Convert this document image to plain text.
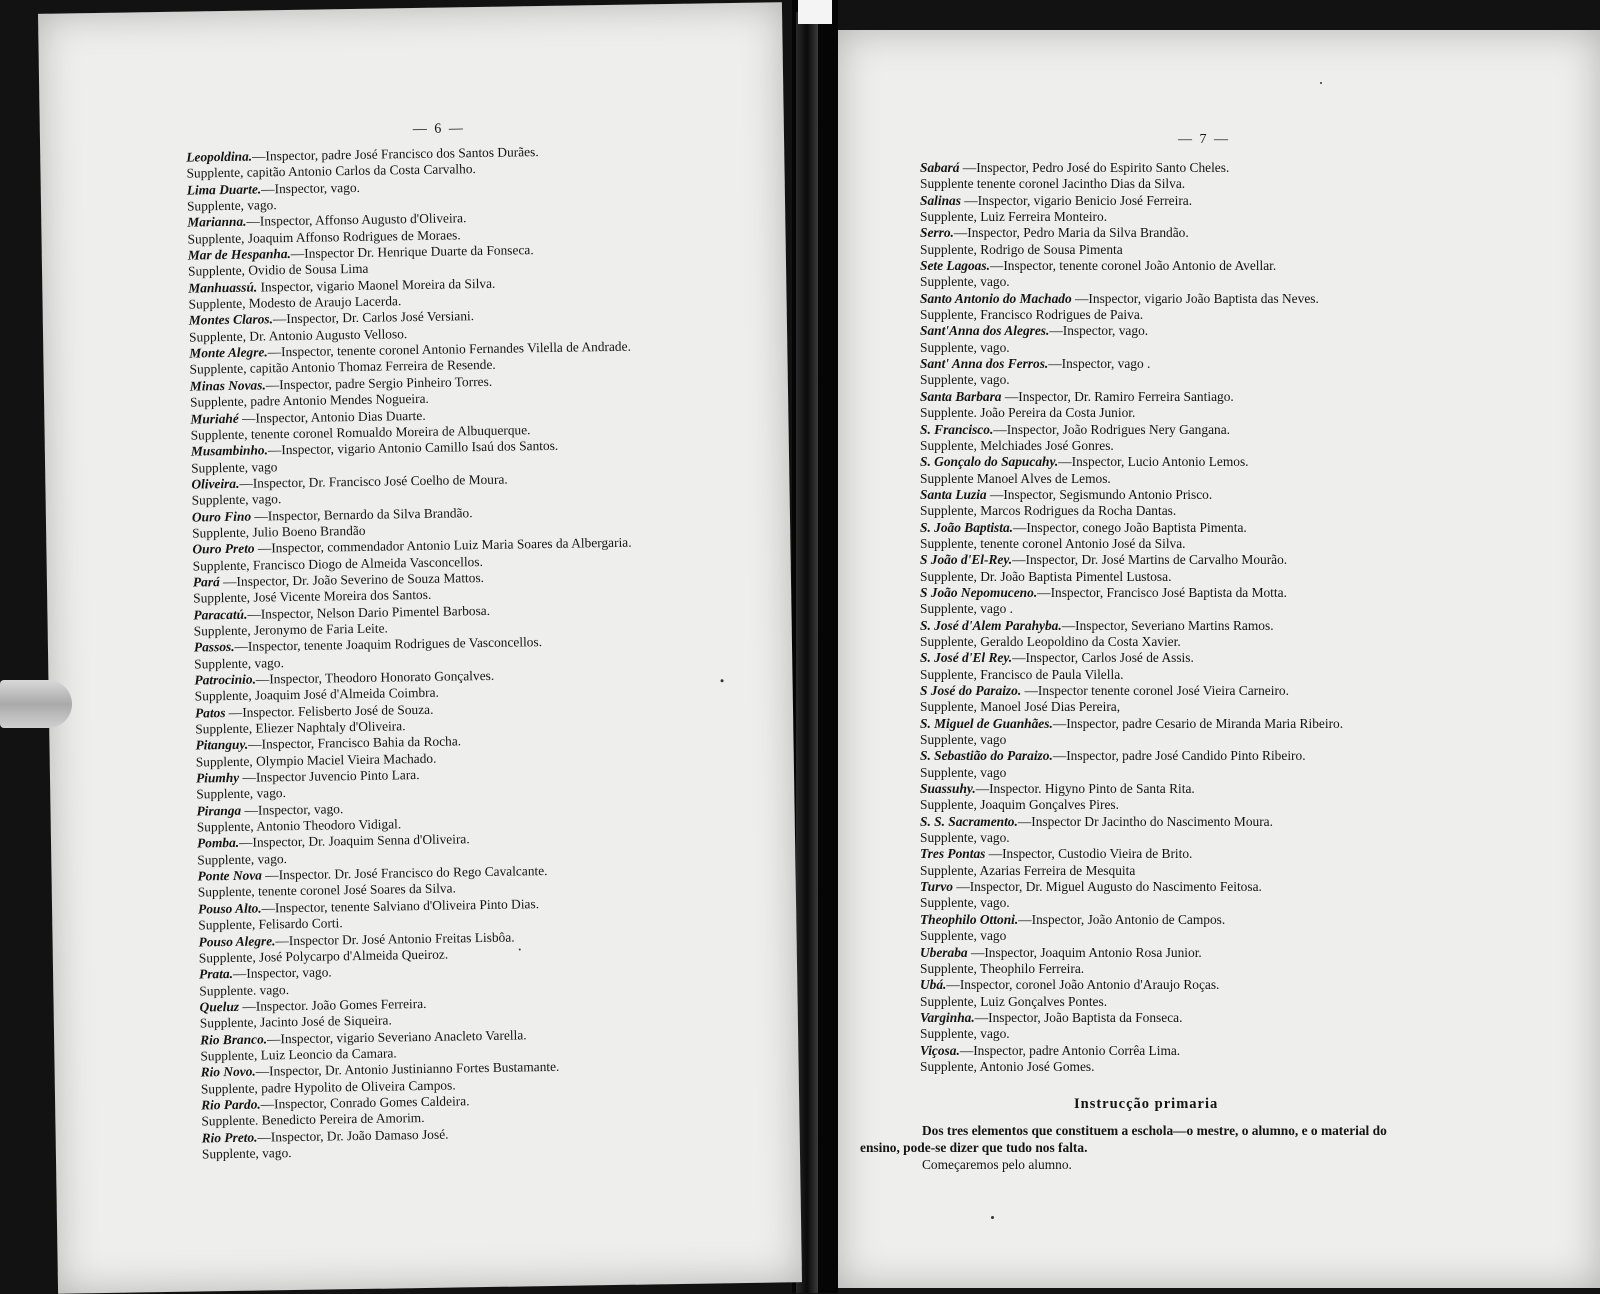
— 6 —
Leopoldina.—Inspector, padre José Francisco dos Santos Durães.
Supplente, capitão Antonio Carlos da Costa Carvalho.
Lima Duarte.—Inspector, vago.
Supplente, vago.
Marianna.—Inspector, Affonso Augusto d'Oliveira.
Supplente, Joaquim Affonso Rodrigues de Moraes.
Mar de Hespanha.—Inspector Dr. Henrique Duarte da Fonseca.
Supplente, Ovidio de Sousa Lima
Manhuassú. Inspector, vigario Maonel Moreira da Silva.
Supplente, Modesto de Araujo Lacerda.
Montes Claros.—Inspector, Dr. Carlos José Versiani.
Supplente, Dr. Antonio Augusto Velloso.
Monte Alegre.—Inspector, tenente coronel Antonio Fernandes Vilella de Andrade.
Supplente, capitão Antonio Thomaz Ferreira de Resende.
Minas Novas.—Inspector, padre Sergio Pinheiro Torres.
Supplente, padre Antonio Mendes Nogueira.
Muriahé —Inspector, Antonio Dias Duarte.
Supplente, tenente coronel Romualdo Moreira de Albuquerque.
Musambinho.—Inspector, vigario Antonio Camillo Isaú dos Santos.
Supplente, vago
Oliveira.—Inspector, Dr. Francisco José Coelho de Moura.
Supplente, vago.
Ouro Fino —Inspector, Bernardo da Silva Brandão.
Supplente, Julio Boeno Brandão
Ouro Preto —Inspector, commendador Antonio Luiz Maria Soares da Albergaria.
Supplente, Francisco Diogo de Almeida Vasconcellos.
Pará —Inspector, Dr. João Severino de Souza Mattos.
Supplente, José Vicente Moreira dos Santos.
Paracatú.—Inspector, Nelson Dario Pimentel Barbosa.
Supplente, Jeronymo de Faria Leite.
Passos.—Inspector, tenente Joaquim Rodrigues de Vasconcellos.
Supplente, vago.
Patrocinio.—Inspector, Theodoro Honorato Gonçalves.
Supplente, Joaquim José d'Almeida Coimbra.
Patos —Inspector. Felisberto José de Souza.
Supplente, Eliezer Naphtaly d'Oliveira.
Pitanguy.—Inspector, Francisco Bahia da Rocha.
Supplente, Olympio Maciel Vieira Machado.
Piumhy —Inspector Juvencio Pinto Lara.
Supplente, vago.
Piranga —Inspector, vago.
Supplente, Antonio Theodoro Vidigal.
Pomba.—Inspector, Dr. Joaquim Senna d'Oliveira.
Supplente, vago.
Ponte Nova —Inspector. Dr. José Francisco do Rego Cavalcante.
Supplente, tenente coronel José Soares da Silva.
Pouso Alto.—Inspector, tenente Salviano d'Oliveira Pinto Dias.
Supplente, Felisardo Corti.
Pouso Alegre.—Inspector Dr. José Antonio Freitas Lisbôa.
Supplente, José Polycarpo d'Almeida Queiroz.
Prata.—Inspector, vago.
Supplente. vago.
Queluz —Inspector. João Gomes Ferreira.
Supplente, Jacinto José de Siqueira.
Rio Branco.—Inspector, vigario Severiano Anacleto Varella.
Supplente, Luiz Leoncio da Camara.
Rio Novo.—Inspector, Dr. Antonio Justinianno Fortes Bustamante.
Supplente, padre Hypolito de Oliveira Campos.
Rio Pardo.—Inspector, Conrado Gomes Caldeira.
Supplente. Benedicto Pereira de Amorim.
Rio Preto.—Inspector, Dr. João Damaso José.
Supplente, vago.
— 7 —
Sabará —Inspector, Pedro José do Espirito Santo Cheles.
Supplente tenente coronel Jacintho Dias da Silva.
Salinas —Inspector, vigario Benicio José Ferreira.
Supplente, Luiz Ferreira Monteiro.
Serro.—Inspector, Pedro Maria da Silva Brandão.
Supplente, Rodrigo de Sousa Pimenta
Sete Lagoas.—Inspector, tenente coronel João Antonio de Avellar.
Supplente, vago.
Santo Antonio do Machado —Inspector, vigario João Baptista das Neves.
Supplente, Francisco Rodrigues de Paiva.
Sant'Anna dos Alegres.—Inspector, vago.
Supplente, vago.
Sant' Anna dos Ferros.—Inspector, vago .
Supplente, vago.
Santa Barbara —Inspector, Dr. Ramiro Ferreira Santiago.
Supplente. João Pereira da Costa Junior.
S. Francisco.—Inspector, João Rodrigues Nery Gangana.
Supplente, Melchiades José Gonres.
S. Gonçalo do Sapucahy.—Inspector, Lucio Antonio Lemos.
Supplente Manoel Alves de Lemos.
Santa Luzia —Inspector, Segismundo Antonio Prisco.
Supplente, Marcos Rodrigues da Rocha Dantas.
S. João Baptista.—Inspector, conego João Baptista Pimenta.
Supplente, tenente coronel Antonio José da Silva.
S João d'El-Rey.—Inspector, Dr. José Martins de Carvalho Mourão.
Supplente, Dr. João Baptista Pimentel Lustosa.
S João Nepomuceno.—Inspector, Francisco José Baptista da Motta.
Supplente, vago .
S. José d'Alem Parahyba.—Inspector, Severiano Martins Ramos.
Supplente, Geraldo Leopoldino da Costa Xavier.
S. José d'El Rey.—Inspector, Carlos José de Assis.
Supplente, Francisco de Paula Vilella.
S José do Paraizo. —Inspector tenente coronel José Vieira Carneiro.
Supplente, Manoel José Dias Pereira,
S. Miguel de Guanhães.—Inspector, padre Cesario de Miranda Maria Ribeiro.
Supplente, vago
S. Sebastião do Paraizo.—Inspector, padre José Candido Pinto Ribeiro.
Supplente, vago
Suassuhy.—Inspector. Higyno Pinto de Santa Rita.
Supplente, Joaquim Gonçalves Pires.
S. S. Sacramento.—Inspector Dr Jacintho do Nascimento Moura.
Supplente, vago.
Tres Pontas —Inspector, Custodio Vieira de Brito.
Supplente, Azarias Ferreira de Mesquita
Turvo —Inspector, Dr. Miguel Augusto do Nascimento Feitosa.
Supplente, vago.
Theophilo Ottoni.—Inspector, João Antonio de Campos.
Supplente, vago
Uberaba —Inspector, Joaquim Antonio Rosa Junior.
Supplente, Theophilo Ferreira.
Ubá.—Inspector, coronel João Antonio d'Araujo Roças.
Supplente, Luiz Gonçalves Pontes.
Varginha.—Inspector, João Baptista da Fonseca.
Supplente, vago.
Viçosa.—Inspector, padre Antonio Corrêa Lima.
Supplente, Antonio José Gomes.
Instrucção primaria

Dos tres elementos que constituem a eschola—o mestre, o alumno, e o material do

ensino, pode-se dizer que tudo nos falta.

Começaremos pelo alumno.
